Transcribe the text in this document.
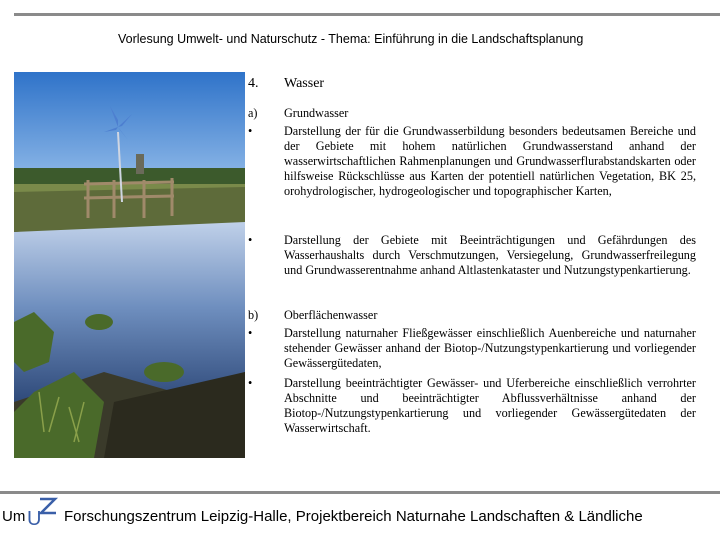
Vorlesung Umwelt- und Naturschutz - Thema: Einführung in die Landschaftsplanung
4.	Wasser
a)	Grundwasser
•	Darstellung der für die Grundwasserbildung besonders bedeutsamen Bereiche und der Gebiete mit hohem natürlichen Grundwasserstand anhand der wasserwirtschaftlichen Rahmenplanungen und Grundwasserflurabstandskarten oder hilfsweise Rückschlüsse aus Karten der potentiell natürlichen Vegetation, BK 25, orohydrologischer, hydrogeologischer und topographischer Karten,
•	Darstellung der Gebiete mit Beeinträchtigungen und Gefährdungen des Wasserhaushalts durch Verschmutzungen, Versiegelung, Grundwasserfreilegung und Grundwasserentnahme anhand Altlastenkataster und Nutzungstypenkartierung.
b)	Oberflächenwasser
•	Darstellung naturnaher Fließgewässer einschließlich Auenbereiche und naturnaher stehender Gewässer anhand der Biotop-/Nutzungstypenkartierung und vorliegender Gewässergütedaten,
•	Darstellung beeinträchtigter Gewässer- und Uferbereiche einschließlich verrohrter Abschnitte und beeinträchtigter Abflussverhältnisse anhand der Biotop-/Nutzungstypenkartierung und vorliegender Gewässergütedaten der Wasserwirtschaft.
Um U Forschungszentrum Leipzig-Halle, Projektbereich Naturnahe Landschaften & Ländliche
